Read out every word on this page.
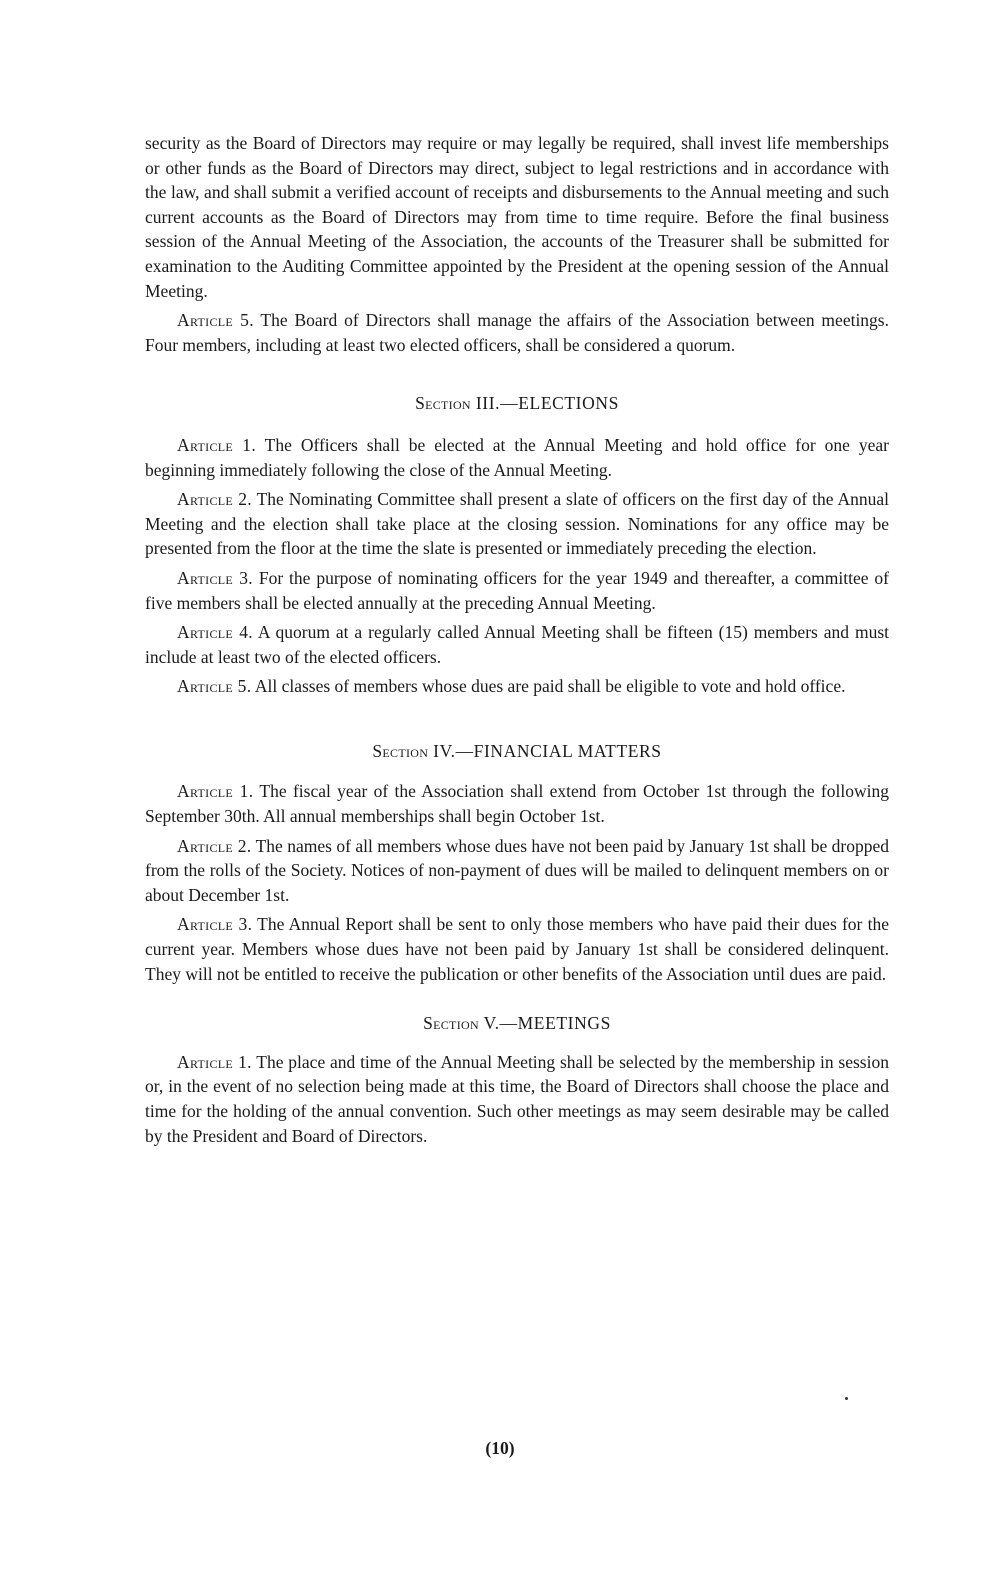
security as the Board of Directors may require or may legally be required, shall invest life memberships or other funds as the Board of Directors may direct, subject to legal restrictions and in accordance with the law, and shall submit a verified account of receipts and disbursements to the Annual meeting and such current accounts as the Board of Directors may from time to time require. Before the final business session of the Annual Meeting of the Association, the accounts of the Treasurer shall be submitted for examination to the Auditing Committee appointed by the President at the opening session of the Annual Meeting.

Article 5. The Board of Directors shall manage the affairs of the Association between meetings. Four members, including at least two elected officers, shall be considered a quorum.

Section III.—ELECTIONS

Article 1. The Officers shall be elected at the Annual Meeting and hold office for one year beginning immediately following the close of the Annual Meeting.

Article 2. The Nominating Committee shall present a slate of officers on the first day of the Annual Meeting and the election shall take place at the closing session. Nominations for any office may be presented from the floor at the time the slate is presented or immediately preceding the election.

Article 3. For the purpose of nominating officers for the year 1949 and thereafter, a committee of five members shall be elected annually at the preceding Annual Meeting.

Article 4. A quorum at a regularly called Annual Meeting shall be fifteen (15) members and must include at least two of the elected officers.

Article 5. All classes of members whose dues are paid shall be eligible to vote and hold office.

Section IV.—FINANCIAL MATTERS

Article 1. The fiscal year of the Association shall extend from October 1st through the following September 30th. All annual memberships shall begin October 1st.

Article 2. The names of all members whose dues have not been paid by January 1st shall be dropped from the rolls of the Society. Notices of non-payment of dues will be mailed to delinquent members on or about December 1st.

Article 3. The Annual Report shall be sent to only those members who have paid their dues for the current year. Members whose dues have not been paid by January 1st shall be considered delinquent. They will not be entitled to receive the publication or other benefits of the Association until dues are paid.

Section V.—MEETINGS

Article 1. The place and time of the Annual Meeting shall be selected by the membership in session or, in the event of no selection being made at this time, the Board of Directors shall choose the place and time for the holding of the annual convention. Such other meetings as may seem desirable may be called by the President and Board of Directors.

(10)
